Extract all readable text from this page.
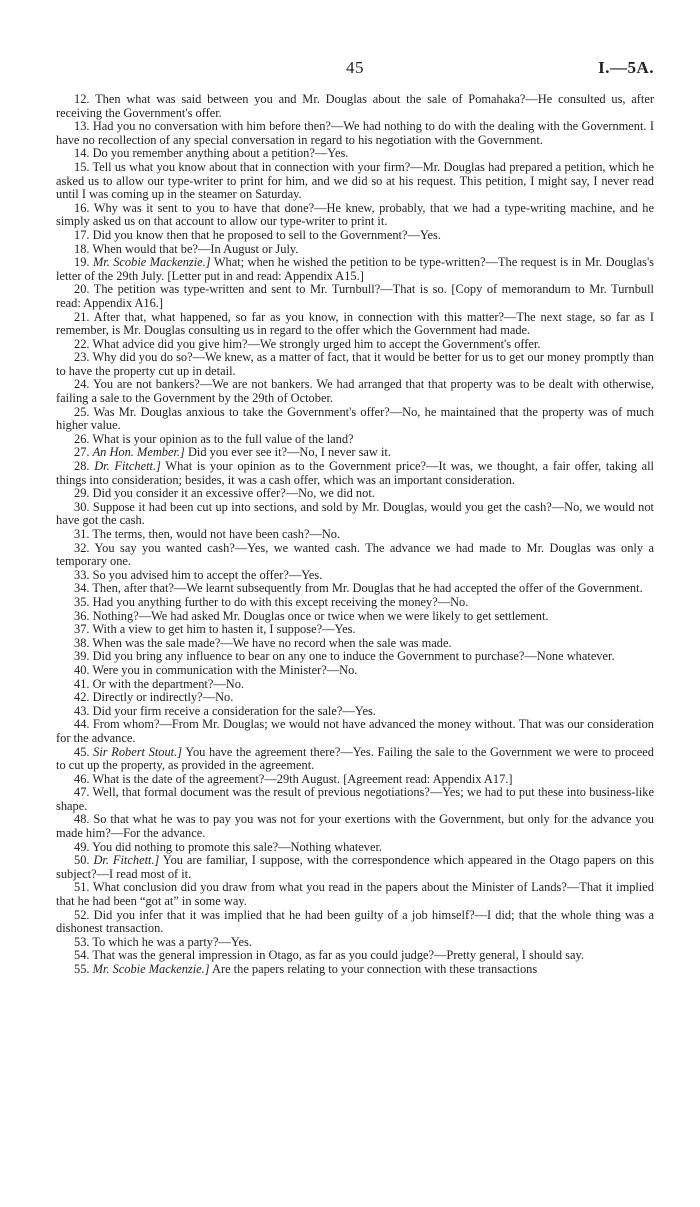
45	I.—5A.

12. Then what was said between you and Mr. Douglas about the sale of Pomahaka?—He consulted us, after receiving the Government's offer.

13. Had you no conversation with him before then?—We had nothing to do with the dealing with the Government. I have no recollection of any special conversation in regard to his negotiation with the Government.

14. Do you remember anything about a petition?—Yes.

15. Tell us what you know about that in connection with your firm?—Mr. Douglas had prepared a petition, which he asked us to allow our type-writer to print for him, and we did so at his request. This petition, I might say, I never read until I was coming up in the steamer on Saturday.

16. Why was it sent to you to have that done?—He knew, probably, that we had a type-writing machine, and he simply asked us on that account to allow our type-writer to print it.

17. Did you know then that he proposed to sell to the Government?—Yes.

18. When would that be?—In August or July.

19. Mr. Scobie Mackenzie.] What; when he wished the petition to be type-written?—The request is in Mr. Douglas's letter of the 29th July. [Letter put in and read: Appendix A15.]

20. The petition was type-written and sent to Mr. Turnbull?—That is so. [Copy of memorandum to Mr. Turnbull read: Appendix A16.]

21. After that, what happened, so far as you know, in connection with this matter?—The next stage, so far as I remember, is Mr. Douglas consulting us in regard to the offer which the Government had made.

22. What advice did you give him?—We strongly urged him to accept the Government's offer.

23. Why did you do so?—We knew, as a matter of fact, that it would be better for us to get our money promptly than to have the property cut up in detail.

24. You are not bankers?—We are not bankers. We had arranged that that property was to be dealt with otherwise, failing a sale to the Government by the 29th of October.

25. Was Mr. Douglas anxious to take the Government's offer?—No, he maintained that the property was of much higher value.

26. What is your opinion as to the full value of the land?

27. An Hon. Member.] Did you ever see it?—No, I never saw it.

28. Dr. Fitchett.] What is your opinion as to the Government price?—It was, we thought, a fair offer, taking all things into consideration; besides, it was a cash offer, which was an important consideration.

29. Did you consider it an excessive offer?—No, we did not.

30. Suppose it had been cut up into sections, and sold by Mr. Douglas, would you get the cash?—No, we would not have got the cash.

31. The terms, then, would not have been cash?—No.

32. You say you wanted cash?—Yes, we wanted cash. The advance we had made to Mr. Douglas was only a temporary one.

33. So you advised him to accept the offer?—Yes.

34. Then, after that?—We learnt subsequently from Mr. Douglas that he had accepted the offer of the Government.

35. Had you anything further to do with this except receiving the money?—No.

36. Nothing?—We had asked Mr. Douglas once or twice when we were likely to get settlement.

37. With a view to get him to hasten it, I suppose?—Yes.

38. When was the sale made?—We have no record when the sale was made.

39. Did you bring any influence to bear on any one to induce the Government to purchase?—None whatever.

40. Were you in communication with the Minister?—No.

41. Or with the department?—No.

42. Directly or indirectly?—No.

43. Did your firm receive a consideration for the sale?—Yes.

44. From whom?—From Mr. Douglas; we would not have advanced the money without. That was our consideration for the advance.

45. Sir Robert Stout.] You have the agreement there?—Yes. Failing the sale to the Government we were to proceed to cut up the property, as provided in the agreement.

46. What is the date of the agreement?—29th August. [Agreement read: Appendix A17.]

47. Well, that formal document was the result of previous negotiations?—Yes; we had to put these into business-like shape.

48. So that what he was to pay you was not for your exertions with the Government, but only for the advance you made him?—For the advance.

49. You did nothing to promote this sale?—Nothing whatever.

50. Dr. Fitchett.] You are familiar, I suppose, with the correspondence which appeared in the Otago papers on this subject?—I read most of it.

51. What conclusion did you draw from what you read in the papers about the Minister of Lands?—That it implied that he had been “got at” in some way.

52. Did you infer that it was implied that he had been guilty of a job himself?—I did; that the whole thing was a dishonest transaction.

53. To which he was a party?—Yes.

54. That was the general impression in Otago, as far as you could judge?—Pretty general, I should say.

55. Mr. Scobie Mackenzie.] Are the papers relating to your connection with these transactions
